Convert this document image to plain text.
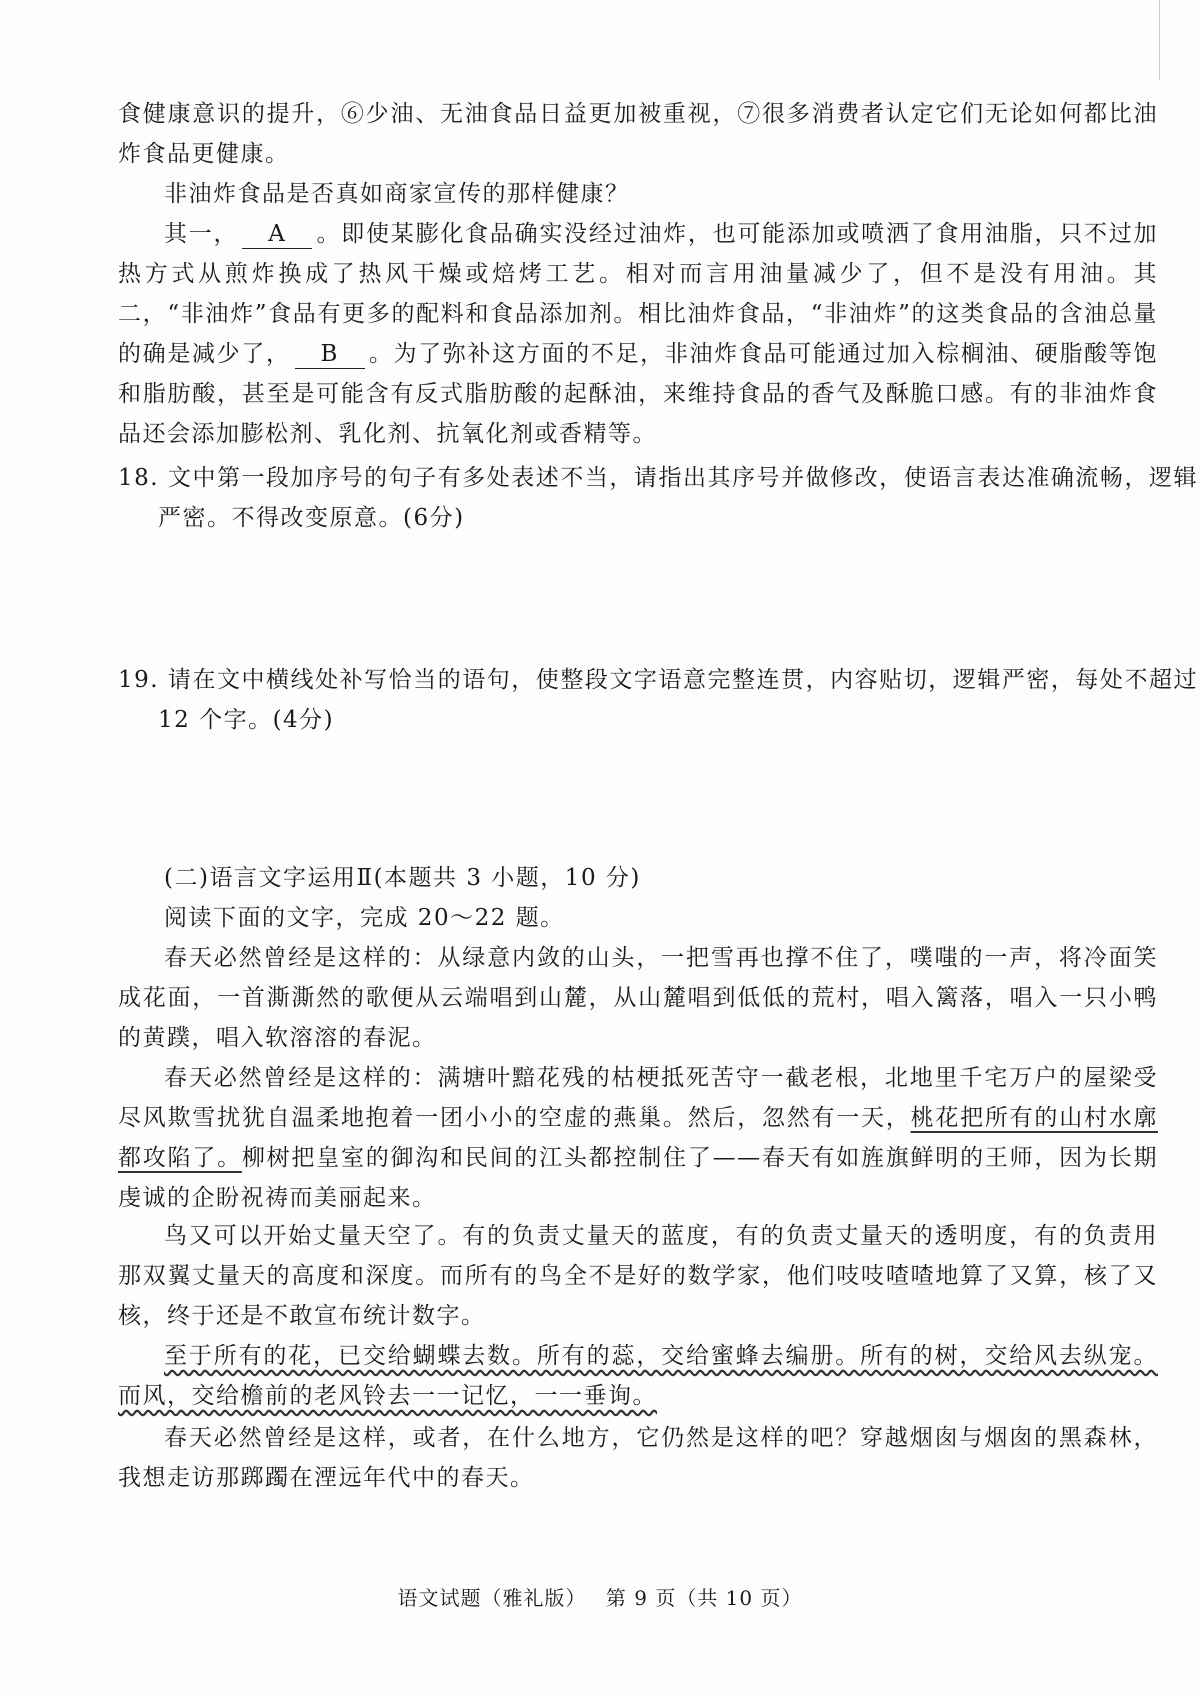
食健康意识的提升，⑥少油、无油食品日益更加被重视，⑦很多消费者认定它们无论如何都比油炸食品更健康。
非油炸食品是否真如商家宣传的那样健康？
其一， A 。即使某膨化食品确实没经过油炸，也可能添加或喷洒了食用油脂，只不过加热方式从煎炸换成了热风干燥或焙烤工艺。相对而言用油量减少了，但不是没有用油。其二，“非油炸”食品有更多的配料和食品添加剂。相比油炸食品，“非油炸”的这类食品的含油总量的确是减少了， B 。为了弥补这方面的不足，非油炸食品可能通过加入棕榈油、硬脂酸等饱和脂肪酸，甚至是可能含有反式脂肪酸的起酥油，来维持食品的香气及酥脆口感。有的非油炸食品还会添加膨松剂、乳化剂、抗氧化剂或香精等。
18. 文中第一段加序号的句子有多处表述不当，请指出其序号并做修改，使语言表达准确流畅，逻辑严密。不得改变原意。(6分)
19. 请在文中横线处补写恰当的语句，使整段文字语意完整连贯，内容贴切，逻辑严密，每处不超过 12 个字。(4分)
(二)语言文字运用Ⅱ(本题共 3 小题，10 分)
阅读下面的文字，完成 20～22 题。
春天必然曾经是这样的：从绿意内敛的山头，一把雪再也撑不住了，噗嗤的一声，将冷面笑成花面，一首澌澌然的歌便从云端唱到山麓，从山麓唱到低低的荒村，唱入篱落，唱入一只小鸭的黄蹼，唱入软溶溶的春泥。
春天必然曾经是这样的：满塘叶黯花残的枯梗抵死苦守一截老根，北地里千宅万户的屋梁受尽风欺雪扰犹自温柔地抱着一团小小的空虚的燕巢。然后，忽然有一天，桃花把所有的山村水廓都攻陷了。柳树把皇室的御沟和民间的江头都控制住了——春天有如旌旗鲜明的王师，因为长期虔诚的企盼祝祷而美丽起来。
鸟又可以开始丈量天空了。有的负责丈量天的蓝度，有的负责丈量天的透明度，有的负责用那双翼丈量天的高度和深度。而所有的鸟全不是好的数学家，他们吱吱喳喳地算了又算，核了又核，终于还是不敢宣布统计数字。
至于所有的花，已交给蝴蝶去数。所有的蕊，交给蜜蜂去编册。所有的树，交给风去纵宠。而风，交给檐前的老风铃去一一记忆，一一垂询。
春天必然曾经是这样，或者，在什么地方，它仍然是这样的吧？穿越烟囱与烟囱的黑森林，我想走访那踯躅在湮远年代中的春天。
语文试题（雅礼版） 第 9 页（共 10 页）
